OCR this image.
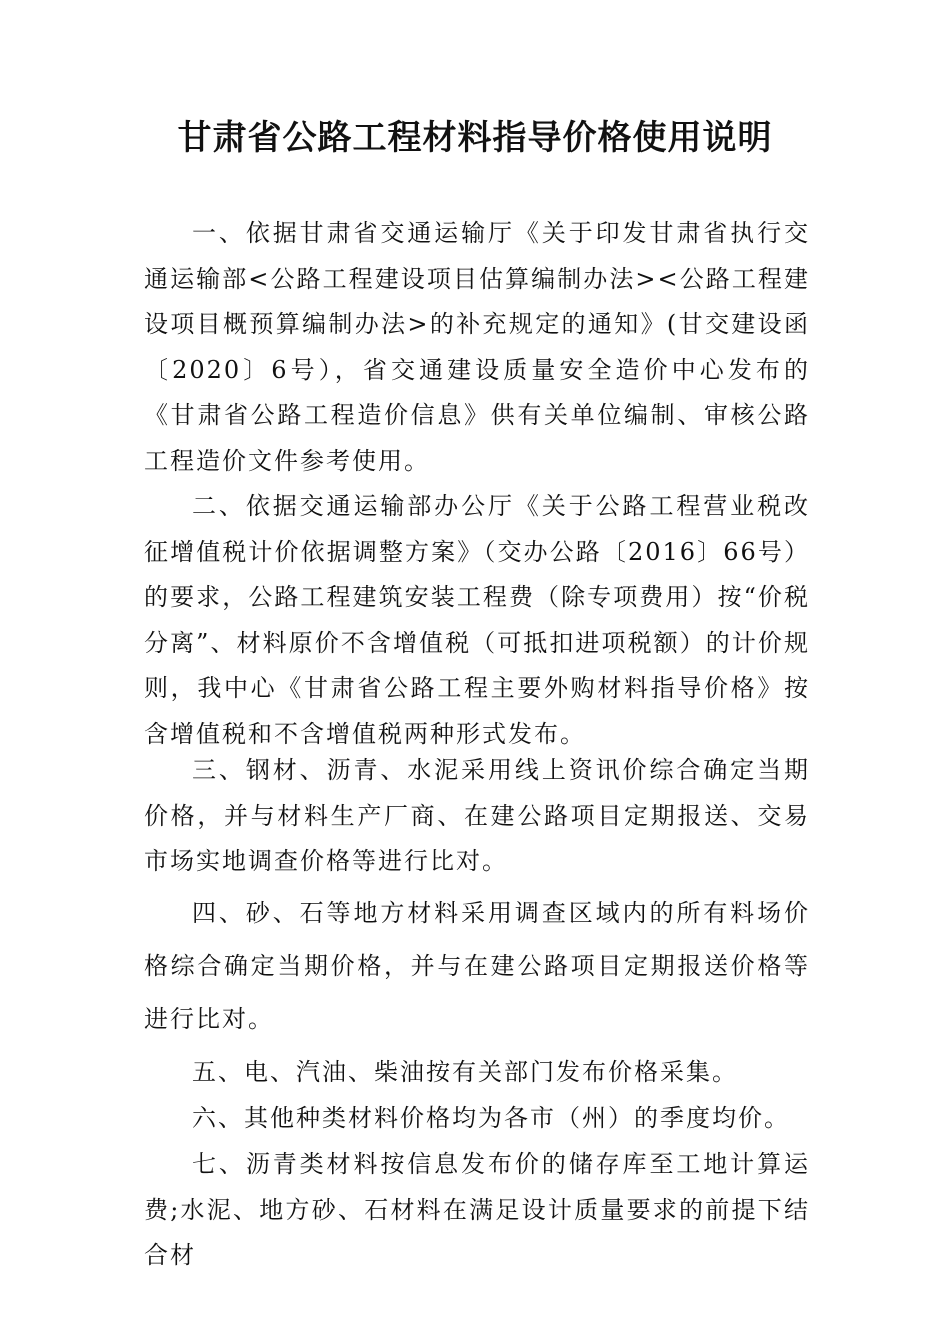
甘肃省公路工程材料指导价格使用说明

一、依据甘肃省交通运输厅《关于印发甘肃省执行交通运输部<公路工程建设项目估算编制办法><公路工程建设项目概预算编制办法>的补充规定的通知》(甘交建设函〔2020〕6号），省交通建设质量安全造价中心发布的《甘肃省公路工程造价信息》供有关单位编制、审核公路工程造价文件参考使用。

二、依据交通运输部办公厅《关于公路工程营业税改征增值税计价依据调整方案》（交办公路〔2016〕66号）的要求，公路工程建筑安装工程费（除专项费用）按“价税分离”、材料原价不含增值税（可抵扣进项税额）的计价规则，我中心《甘肃省公路工程主要外购材料指导价格》按含增值税和不含增值税两种形式发布。

三、钢材、沥青、水泥采用线上资讯价综合确定当期价格，并与材料生产厂商、在建公路项目定期报送、交易市场实地调查价格等进行比对。

四、砂、石等地方材料采用调查区域内的所有料场价格综合确定当期价格，并与在建公路项目定期报送价格等进行比对。

五、电、汽油、柴油按有关部门发布价格采集。

六、其他种类材料价格均为各市（州）的季度均价。

七、沥青类材料按信息发布价的储存库至工地计算运费;水泥、地方砂、石材料在满足设计质量要求的前提下结合材
